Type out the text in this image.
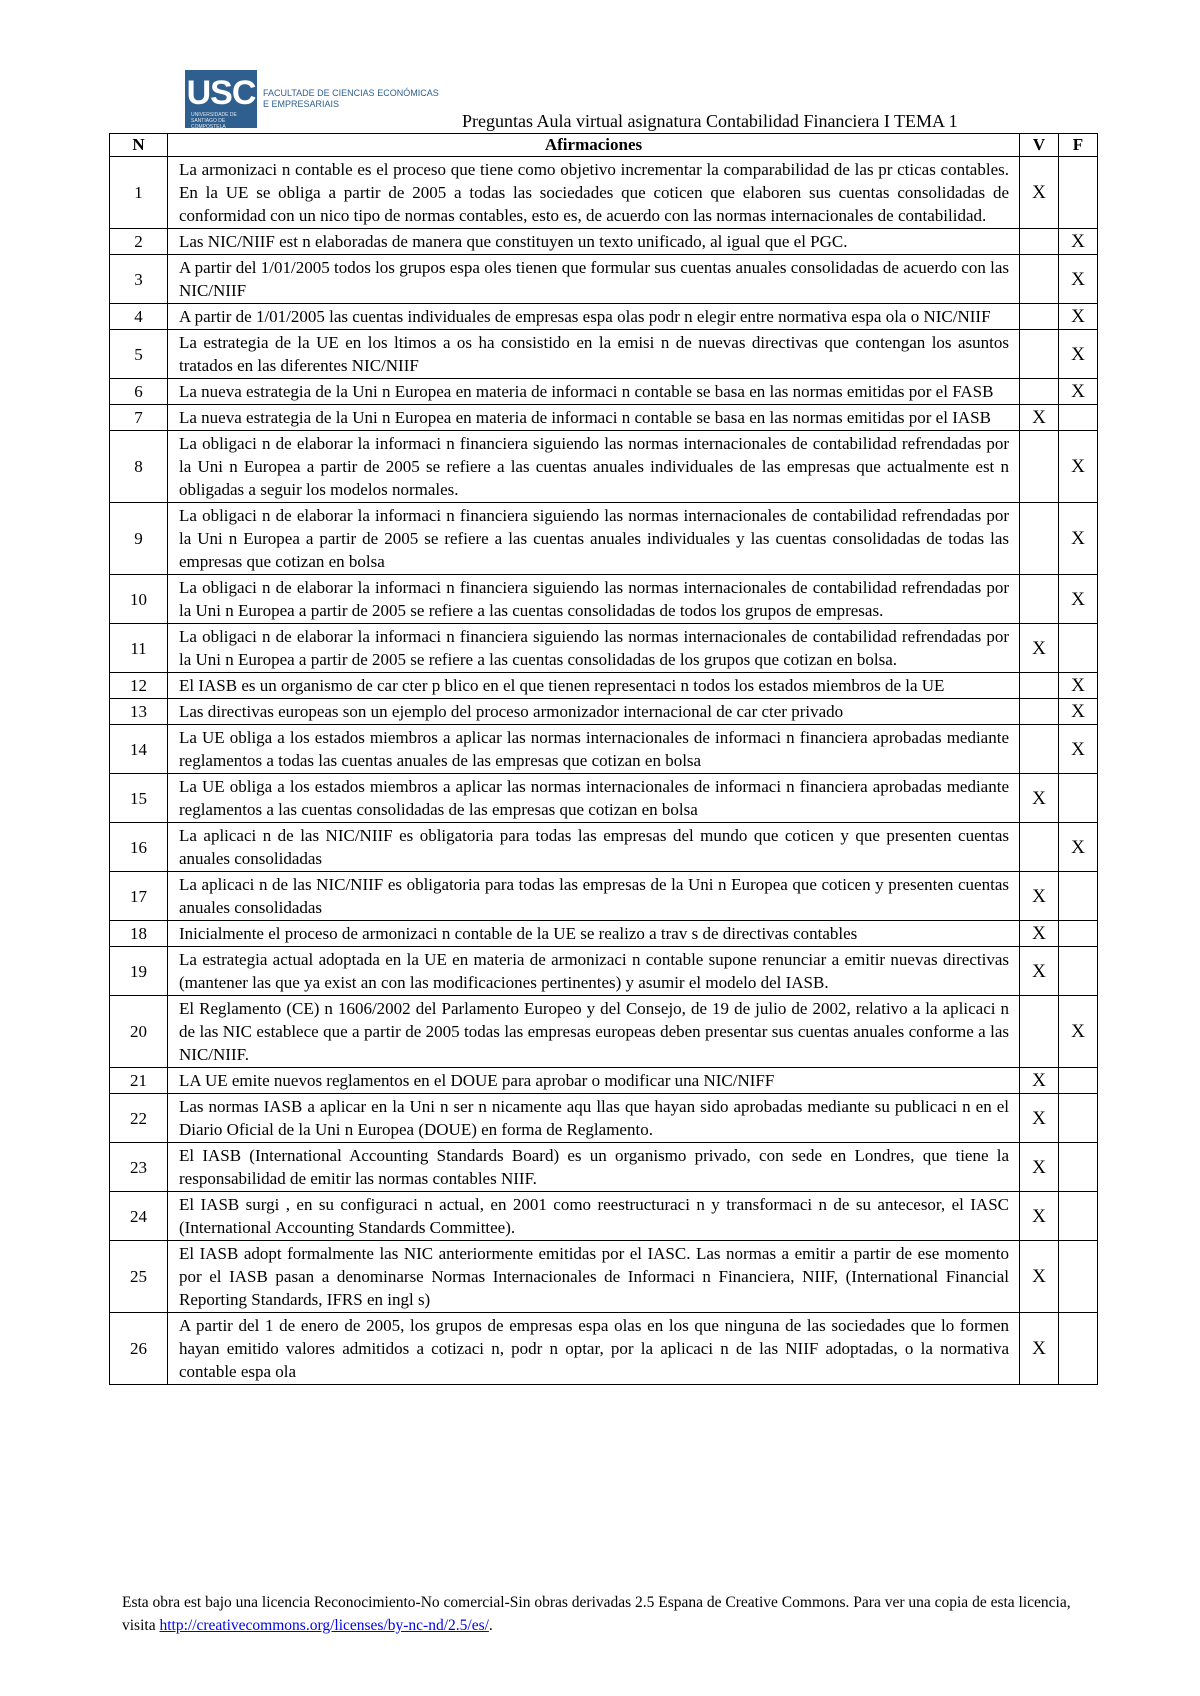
USC
UNIVERSIDADE DE SANTIAGO DE COMPOSTELA
FACULTADE DE CIENCIAS ECONÓMICAS
E EMPRESARIAIS
Preguntas Aula virtual asignatura Contabilidad Financiera I TEMA 1
N	Afirmaciones	V	F
1	La armonizaci n contable es el proceso que tiene como objetivo incrementar la comparabilidad de las pr cticas contables. En la UE se obliga a partir de 2005 a todas las sociedades que coticen que elaboren sus cuentas consolidadas de conformidad con un nico tipo de normas contables, esto es, de acuerdo con las normas internacionales de contabilidad.	X	
2	Las NIC/NIIF est n elaboradas de manera que constituyen un texto unificado, al igual que el PGC.		X
3	A partir del 1/01/2005 todos los grupos espa oles tienen que formular sus cuentas anuales consolidadas de acuerdo con las NIC/NIIF		X
4	A partir de 1/01/2005 las cuentas individuales de empresas espa olas podr n elegir entre normativa espa ola o NIC/NIIF		X
5	La estrategia de la UE en los ltimos a os ha consistido en la emisi n de nuevas directivas que contengan los asuntos tratados en las diferentes NIC/NIIF		X
6	La nueva estrategia de la Uni n Europea en materia de informaci n contable se basa en las normas emitidas por el FASB		X
7	La nueva estrategia de la Uni n Europea en materia de informaci n contable se basa en las normas emitidas por el IASB	X	
8	La obligaci n de elaborar la informaci n financiera siguiendo las normas internacionales de contabilidad refrendadas por la Uni n Europea a partir de 2005 se refiere a las cuentas anuales individuales de las empresas que actualmente est n obligadas a seguir los modelos normales.		X
9	La obligaci n de elaborar la informaci n financiera siguiendo las normas internacionales de contabilidad refrendadas por la Uni n Europea a partir de 2005 se refiere a las cuentas anuales individuales y las cuentas consolidadas de todas las empresas que cotizan en bolsa		X
10	La obligaci n de elaborar la informaci n financiera siguiendo las normas internacionales de contabilidad refrendadas por la Uni n Europea a partir de 2005 se refiere a las cuentas consolidadas de todos los grupos de empresas.		X
11	La obligaci n de elaborar la informaci n financiera siguiendo las normas internacionales de contabilidad refrendadas por la Uni n Europea a partir de 2005 se refiere a las cuentas consolidadas de los grupos que cotizan en bolsa.	X	
12	El IASB es un organismo de car cter p blico en el que tienen representaci n todos los estados miembros de la UE		X
13	Las directivas europeas son un ejemplo del proceso armonizador internacional de car cter privado		X
14	La UE obliga a los estados miembros a aplicar las normas internacionales de informaci n financiera aprobadas mediante reglamentos a todas las cuentas anuales de las empresas que cotizan en bolsa		X
15	La UE obliga a los estados miembros a aplicar las normas internacionales de informaci n financiera aprobadas mediante reglamentos a las cuentas consolidadas de las empresas que cotizan en bolsa	X	
16	La aplicaci n de las NIC/NIIF es obligatoria para todas las empresas del mundo que coticen y que presenten cuentas anuales consolidadas		X
17	La aplicaci n de las NIC/NIIF es obligatoria para todas las empresas de la Uni n Europea que coticen y presenten cuentas anuales consolidadas	X	
18	Inicialmente el proceso de armonizaci n contable de la UE se realizo a trav s de directivas contables	X	
19	La estrategia actual adoptada en la UE en materia de armonizaci n contable supone renunciar a emitir nuevas directivas (mantener las que ya exist an con las modificaciones pertinentes) y asumir el modelo del IASB.	X	
20	El Reglamento (CE) n 1606/2002 del Parlamento Europeo y del Consejo, de 19 de julio de 2002, relativo a la aplicaci n de las NIC establece que a partir de 2005 todas las empresas europeas deben presentar sus cuentas anuales conforme a las NIC/NIIF.		X
21	LA UE emite nuevos reglamentos en el DOUE para aprobar o modificar una NIC/NIFF	X	
22	Las normas IASB a aplicar en la Uni n ser n nicamente aqu llas que hayan sido aprobadas mediante su publicaci n en el Diario Oficial de la Uni n Europea (DOUE) en forma de Reglamento.	X	
23	El IASB (International Accounting Standards Board) es un organismo privado, con sede en Londres, que tiene la responsabilidad de emitir las normas contables NIIF.	X	
24	El IASB surgi , en su configuraci n actual, en 2001 como reestructuraci n y transformaci n de su antecesor, el IASC (International Accounting Standards Committee).	X	
25	El IASB adopt formalmente las NIC anteriormente emitidas por el IASC. Las normas a emitir a partir de ese momento por el IASB pasan a denominarse Normas Internacionales de Informaci n Financiera, NIIF, (International Financial Reporting Standards, IFRS en ingl s)	X	
26	A partir del 1 de enero de 2005, los grupos de empresas espa olas en los que ninguna de las sociedades que lo formen hayan emitido valores admitidos a cotizaci n, podr n optar, por la aplicaci n de las NIIF adoptadas, o la normativa contable espa ola	X	
Esta obra est bajo una licencia Reconocimiento-No comercial-Sin obras derivadas 2.5 Espana de Creative Commons. Para ver una copia de esta licencia, visita http://creativecommons.org/licenses/by-nc-nd/2.5/es/.
